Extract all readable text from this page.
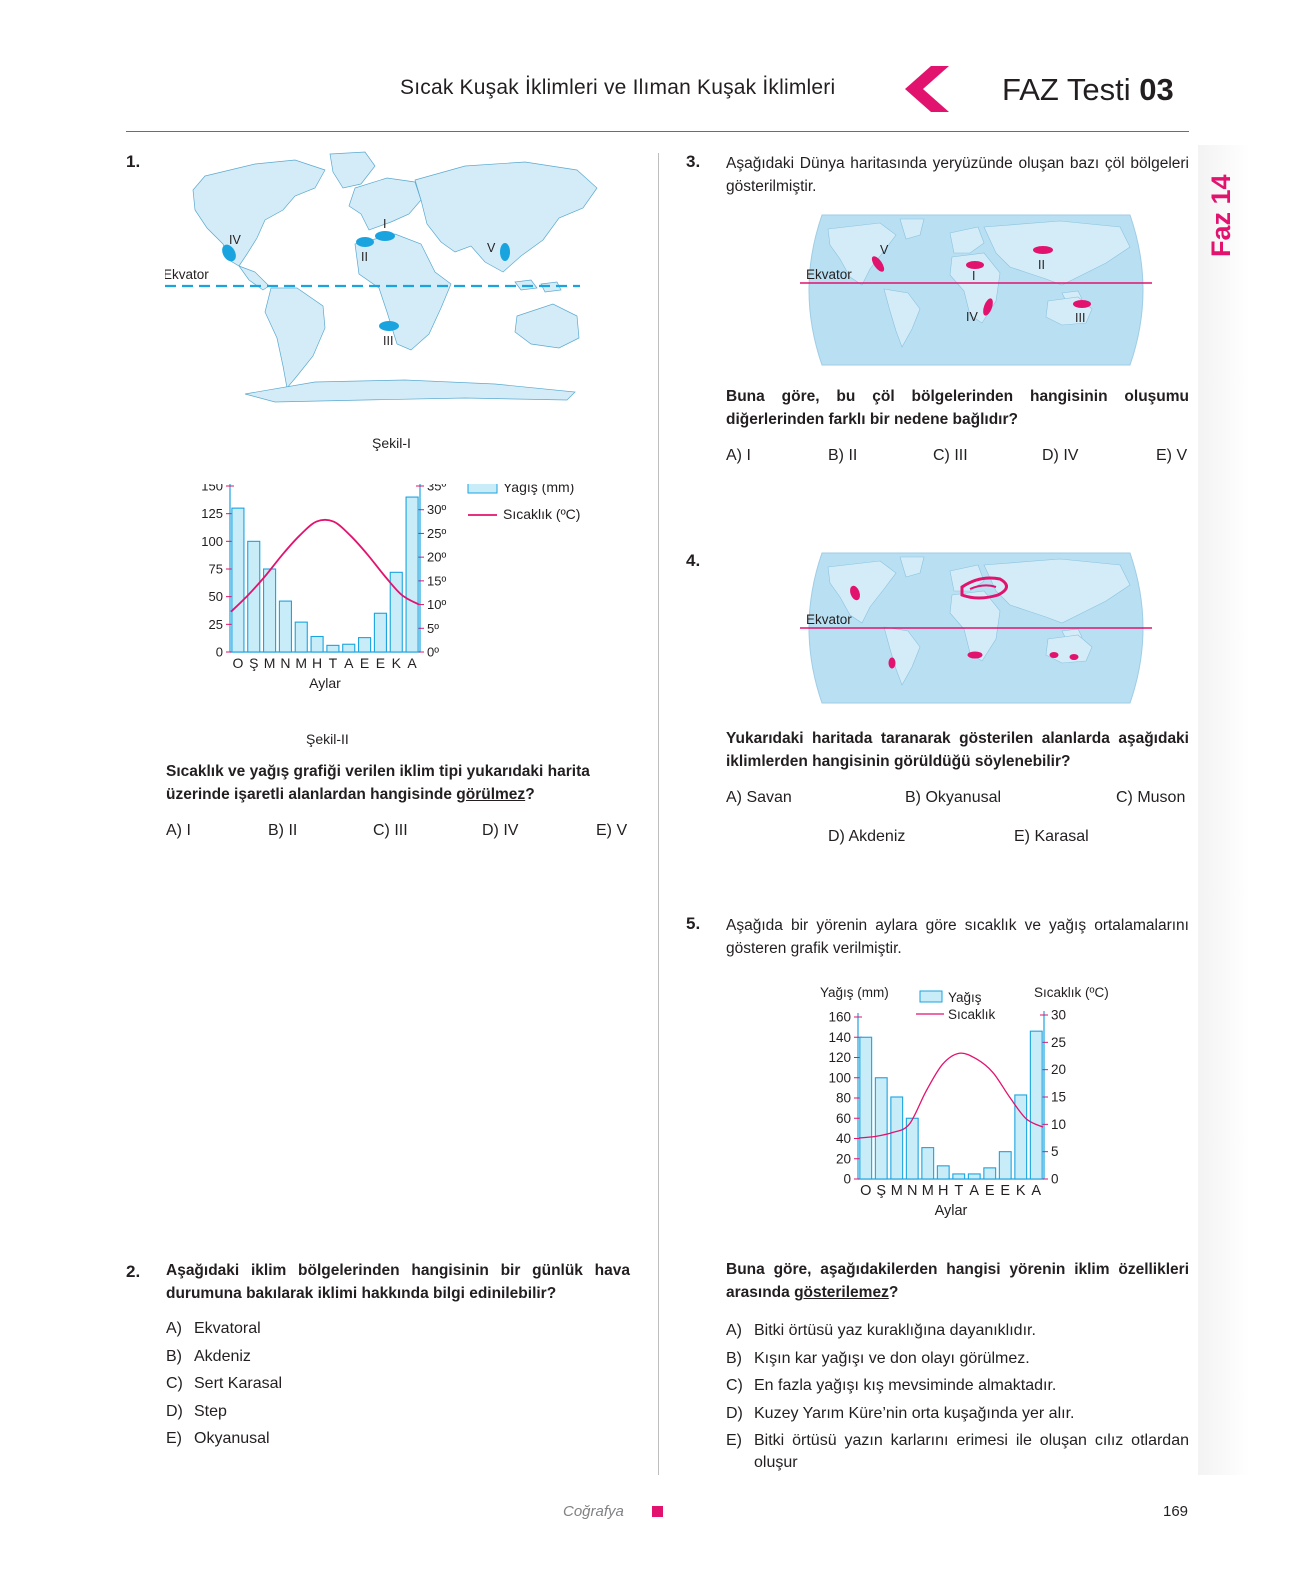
Sıcak Kuşak İklimleri ve Ilıman Kuşak İklimleri	FAZ Testi 03
Faz 14
1.
Ekvator
I
II
III
IV
V
Şekil-I
0
25
50
75
100
125
150
0º
5º
10º
15º
20º
25º
30º
35º
O Ş M N M H T A E E K A
Aylar
Yağış (mm)
Sıcaklık (ºC)
Şekil-II
Sıcaklık ve yağış grafiği verilen iklim tipi yukarıdaki harita
üzerinde işaretli alanlardan hangisinde görülmez?
A) I	B) II	C) III	D) IV	E) V
2. Aşağıdaki iklim bölgelerinden hangisinin bir günlük hava durumuna bakılarak iklimi hakkında bilgi edinilebilir?
A) Ekvatoral
B) Akdeniz
C) Sert Karasal
D) Step
E) Okyanusal
3. Aşağıdaki Dünya haritasında yeryüzünde oluşan bazı çöl bölgeleri gösterilmiştir.
Ekvator	I
II
III
IV
V
Buna göre, bu çöl bölgelerinden hangisinin oluşumu diğerlerinden farklı bir nedene bağlıdır?
A) I	B) II	C) III	D) IV	E) V
4.
Ekvator
Yukarıdaki haritada taranarak gösterilen alanlarda aşağıdaki iklimlerden hangisinin görüldüğü söylenebilir?
A) Savan	B) Okyanusal	C) Muson
D) Akdeniz	E) Karasal
5. Aşağıda bir yörenin aylara göre sıcaklık ve yağış ortalamalarını gösteren grafik verilmiştir.
Yağış (mm)	Sıcaklık (ºC)
0
20
40
60
80
100
120
140
160
0
5
10
15
20
25
30
O Ş M N M H T A E E K A
Aylar
Yağış
Sıcaklık
Buna göre, aşağıdakilerden hangisi yörenin iklim özellikleri arasında gösterilemez?
A) Bitki örtüsü yaz kuraklığına dayanıklıdır.
B) Kışın kar yağışı ve don olayı görülmez.
C) En fazla yağışı kış mevsiminde almaktadır.
D) Kuzey Yarım Küre’nin orta kuşağında yer alır.
E) Bitki örtüsü yazın karlarını erimesi ile oluşan cılız otlardan oluşur
Coğrafya	169
